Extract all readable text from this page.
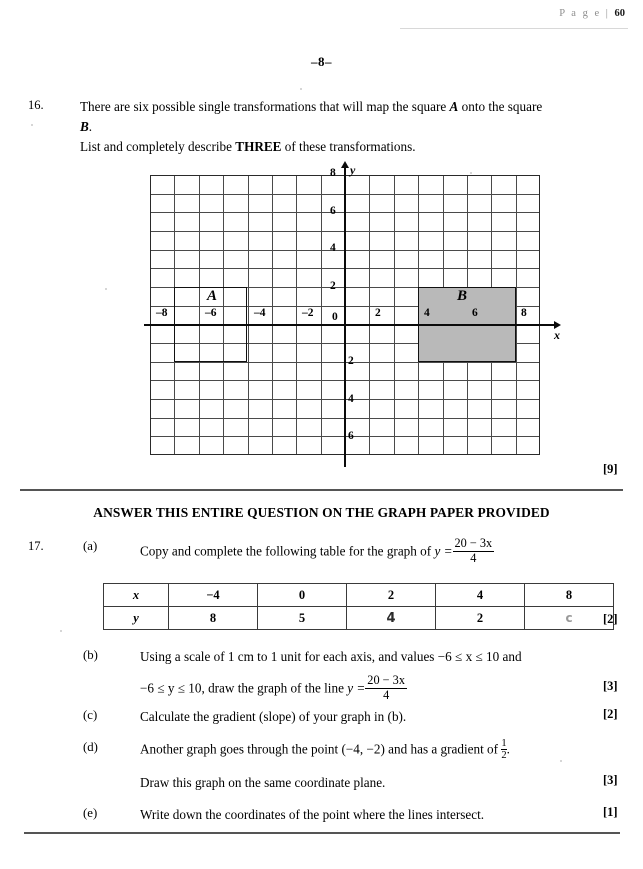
P a g e | 60
–8–
16.	There are six possible single transformations that will map the square A onto the square
B.
List and completely describe THREE of these transformations.
A	B
y
x
–8	–6	–4	–2 0	2	4	6	8
8
6
4
2
2
4
6
[9]
ANSWER THIS ENTIRE QUESTION ON THE GRAPH PAPER PROVIDED
17.	(a)	Copy and complete the following table for the graph of $y = \frac{20 - 3x}{4}$
x	−4	0	2	4	8
y	8	5	4	2	c [2]
(b)	Using a scale of 1 cm to 1 unit for each axis, and values −6 ≤ x ≤ 10 and
−6 ≤ y ≤ 10, draw the graph of the line $y = \frac{20 - 3x}{4}$	[3]
(c)	Calculate the gradient (slope) of your graph in (b).	[2]
(d)	Another graph goes through the point (−4, −2) and has a gradient of $\frac{1}{2}$ .
Draw this graph on the same coordinate plane.	[3]
(e)	Write down the coordinates of the point where the lines intersect.	[1]
